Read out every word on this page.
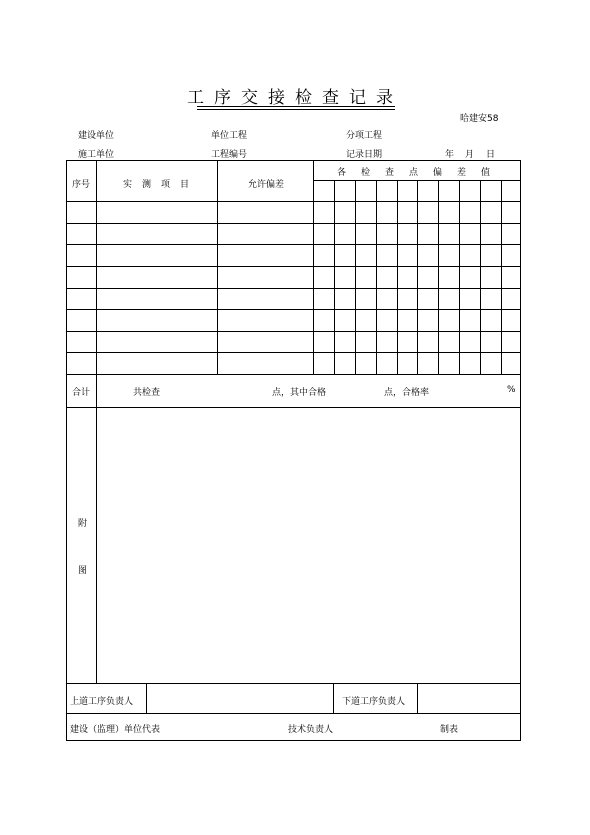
工序交接检查记录
哈建安58
建设单位	单位工程	分项工程
施工单位	工程编号	记录日期	年 月 日
序号	实测项目	允许偏差
各检查点偏差值
合计	共检查	点，其中合格	点，合格率	%
附
图
上道工序负责人	下道工序负责人
建设（监理）单位代表	技术负责人	制表
